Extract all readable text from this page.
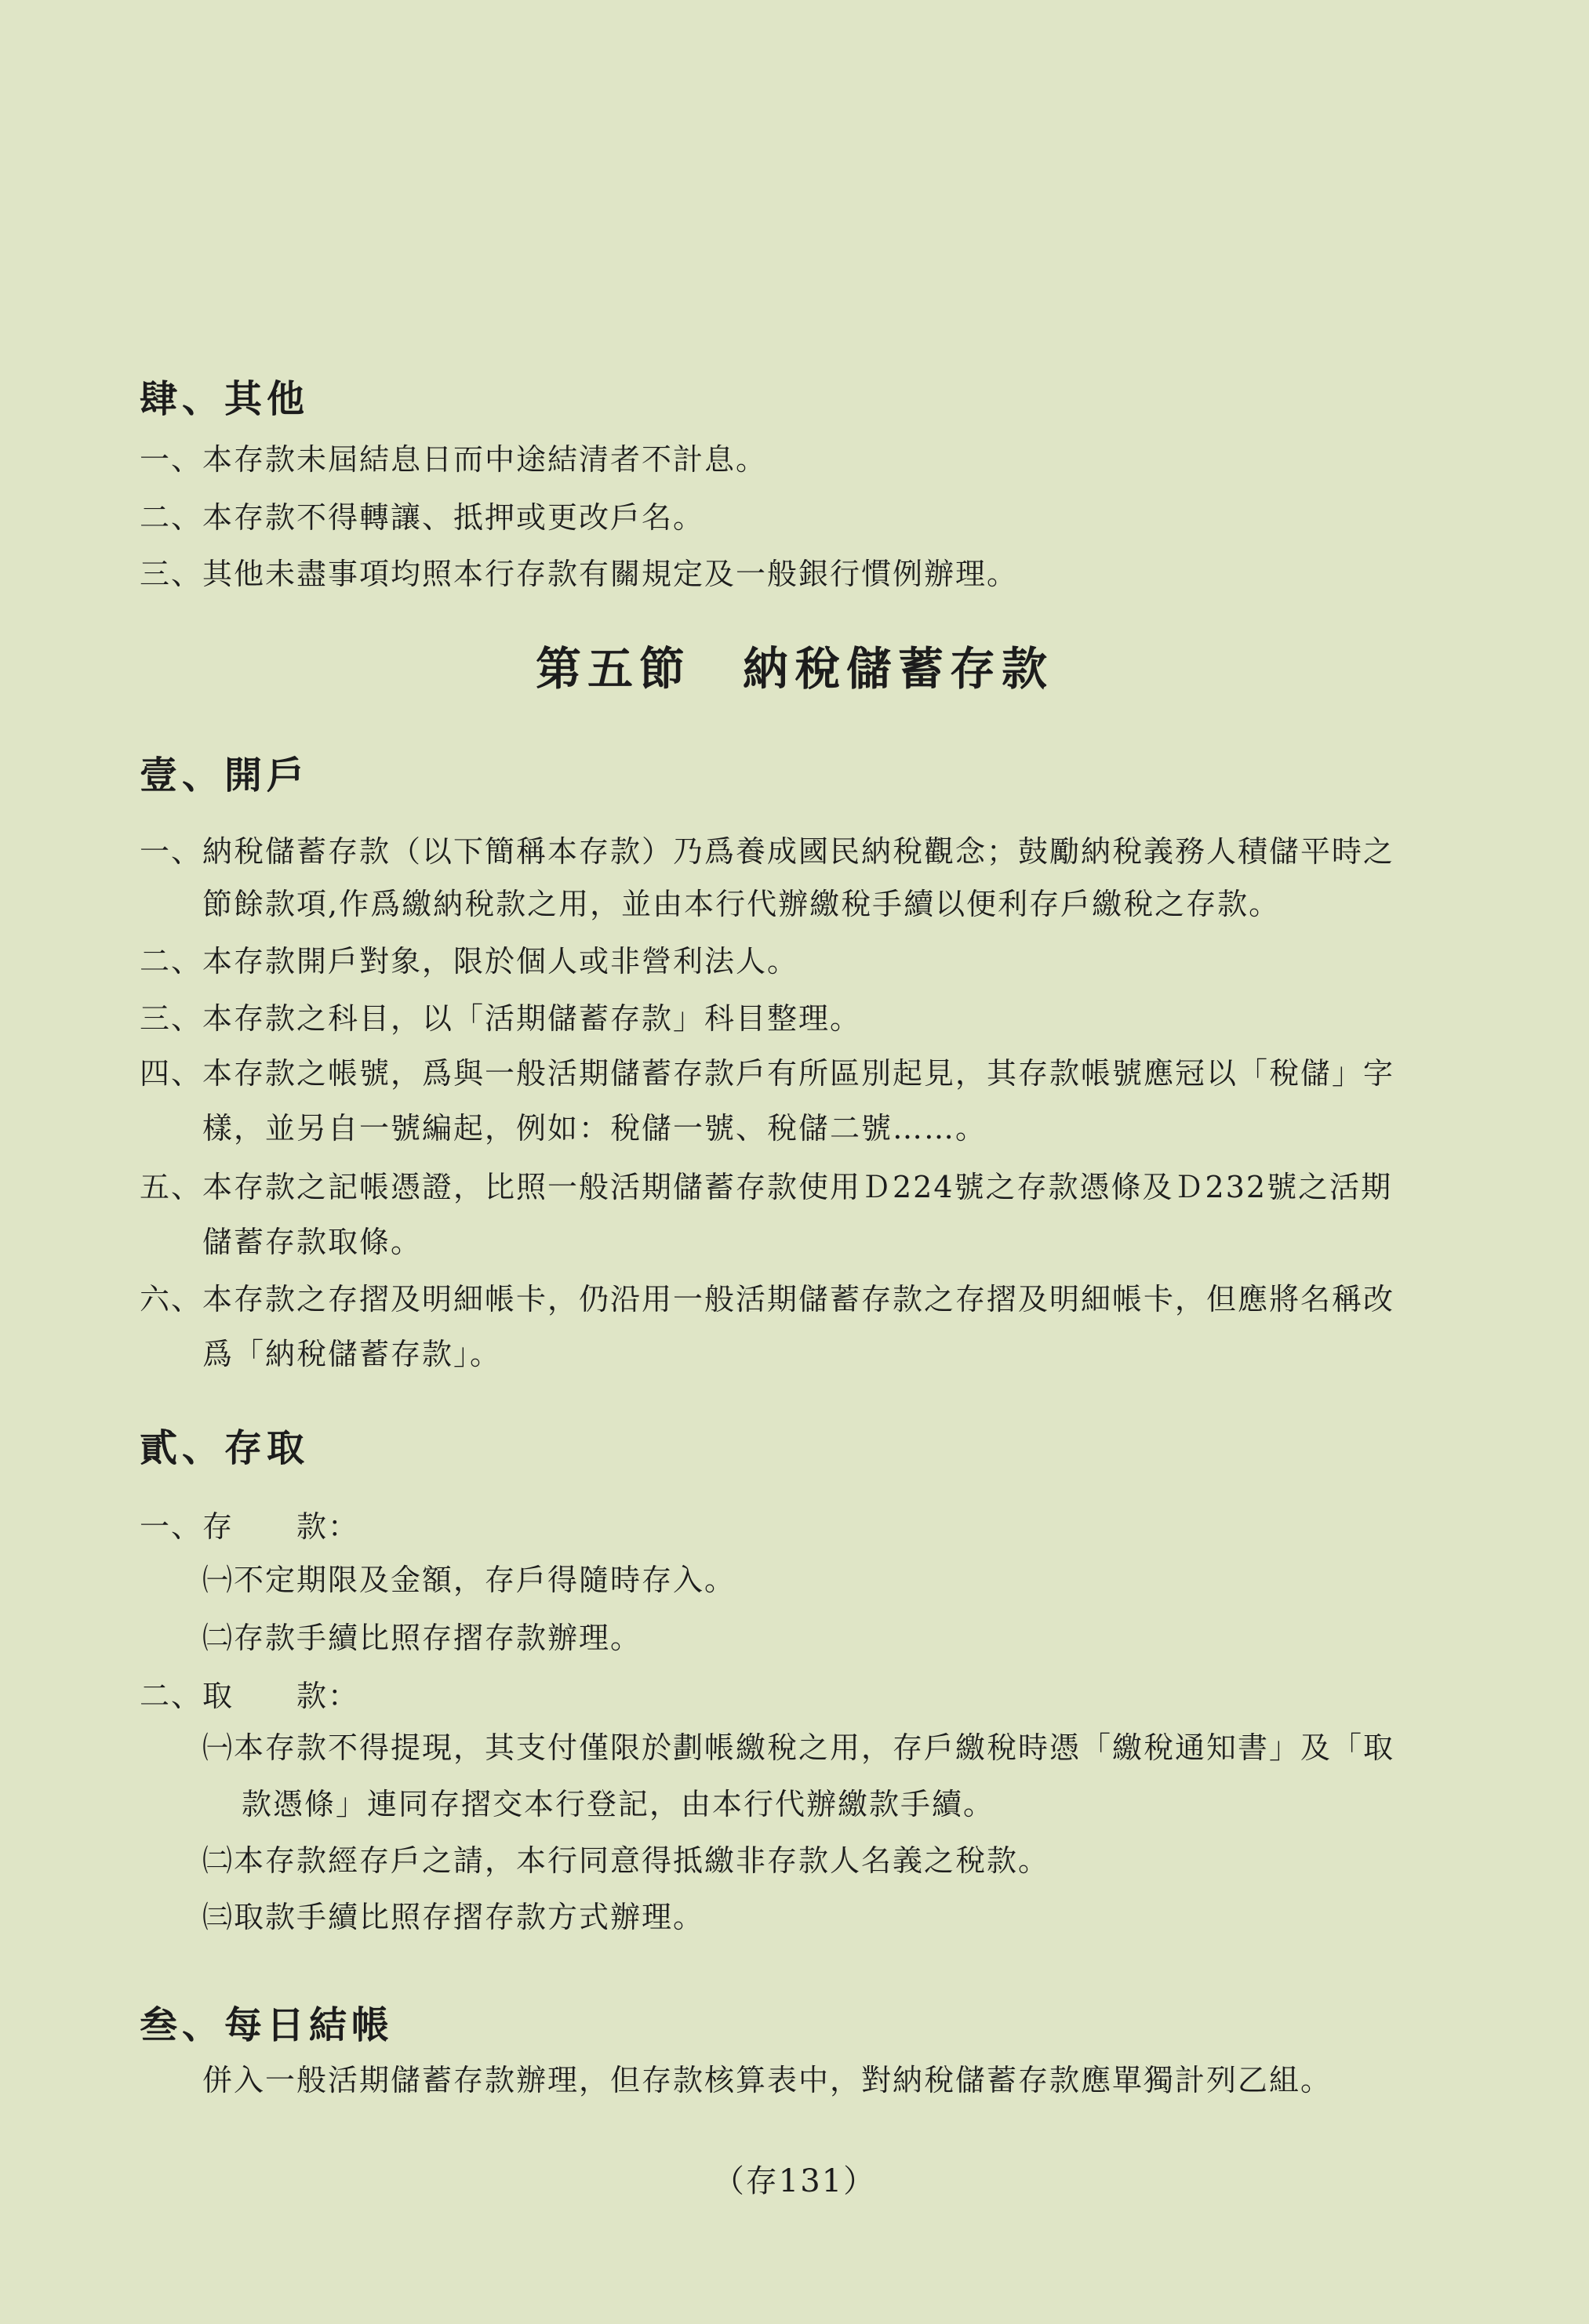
肆、其他
一、本存款未屆結息日而中途結清者不計息。
二、本存款不得轉讓、抵押或更改戶名。
三、其他未盡事項均照本行存款有關規定及一般銀行慣例辦理。
第五節　納稅儲蓄存款
壹、開戶
一、納稅儲蓄存款（以下簡稱本存款）乃爲養成國民納稅觀念；鼓勵納稅義務人積儲平時之
節餘款項,作爲繳納稅款之用，並由本行代辦繳稅手續以便利存戶繳稅之存款。
二、本存款開戶對象，限於個人或非營利法人。
三、本存款之科目，以「活期儲蓄存款」科目整理。
四、本存款之帳號，爲與一般活期儲蓄存款戶有所區別起見，其存款帳號應冠以「稅儲」字
樣，並另自一號編起，例如：稅儲一號、稅儲二號……。
五、本存款之記帳憑證，比照一般活期儲蓄存款使用Ｄ224號之存款憑條及Ｄ232號之活期
儲蓄存款取條。
六、本存款之存摺及明細帳卡，仍沿用一般活期儲蓄存款之存摺及明細帳卡，但應將名稱改
爲「納稅儲蓄存款」。
貳、存取
一、存　　款：
㈠不定期限及金額，存戶得隨時存入。
㈡存款手續比照存摺存款辦理。
二、取　　款：
㈠本存款不得提現，其支付僅限於劃帳繳稅之用，存戶繳稅時憑「繳稅通知書」及「取
款憑條」連同存摺交本行登記，由本行代辦繳款手續。
㈡本存款經存戶之請，本行同意得抵繳非存款人名義之稅款。
㈢取款手續比照存摺存款方式辦理。
叁、每日結帳
併入一般活期儲蓄存款辦理，但存款核算表中，對納稅儲蓄存款應單獨計列乙組。
（存131）
